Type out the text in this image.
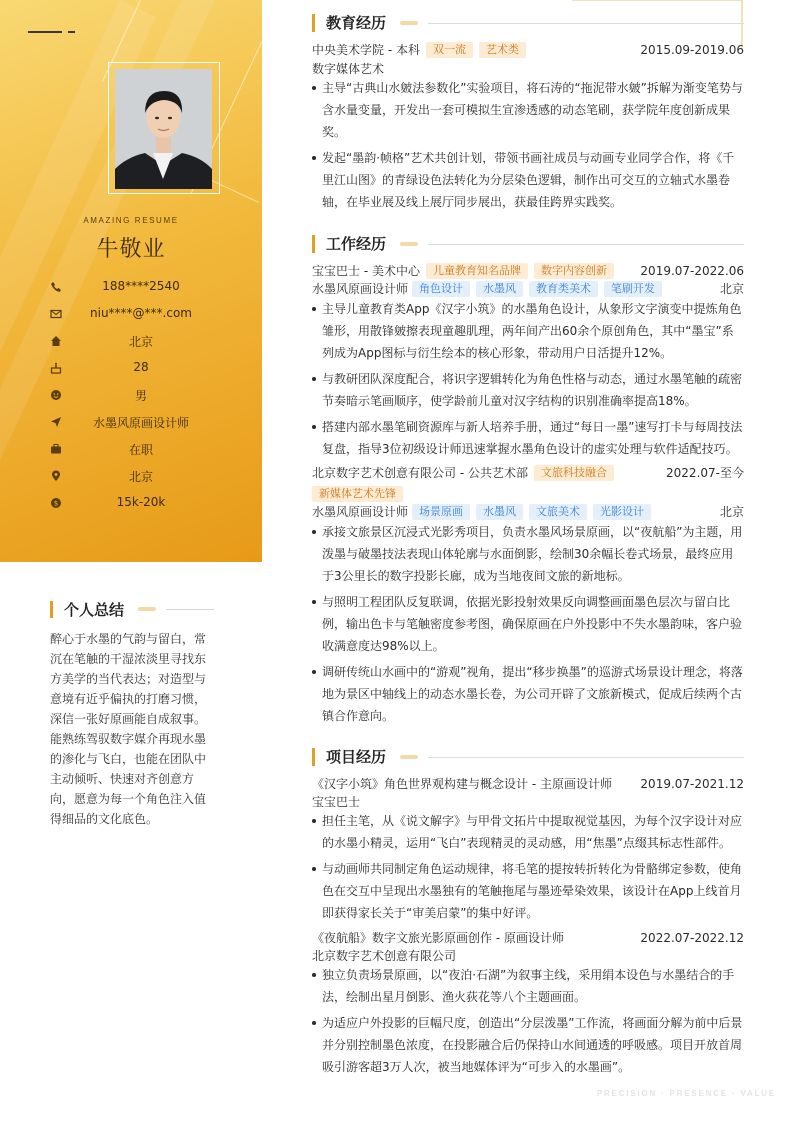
AMAZING RESUME
牛敬业
188****2540
niu****@***.com
北京
28
男
水墨风原画设计师
在职
北京
$	15k-20k
个人总结
醉心于水墨的气韵与留白，常沉在笔触的干湿浓淡里寻找东方美学的当代表达；对造型与意境有近乎偏执的打磨习惯，深信一张好原画能自成叙事。能熟练驾驭数字媒介再现水墨的渗化与飞白，也能在团队中主动倾听、快速对齐创意方向，愿意为每一个角色注入值得细品的文化底色。
教育经历
中央美术学院 - 本科 双一流 艺术类	2015.09-2019.06
数字媒体艺术
主导“古典山水皴法参数化”实验项目，将石涛的“拖泥带水皴”拆解为渐变笔势与含水量变量，开发出一套可模拟生宣渗透感的动态笔刷，获学院年度创新成果奖。
发起“墨韵·帧格”艺术共创计划，带领书画社成员与动画专业同学合作，将《千里江山图》的青绿设色法转化为分层染色逻辑，制作出可交互的立轴式水墨卷轴，在毕业展及线上展厅同步展出，获最佳跨界实践奖。
工作经历
宝宝巴士 - 美术中心 儿童教育知名品牌 数字内容创新	2019.07-2022.06
水墨风原画设计师 角色设计 水墨风 教育类美术 笔刷开发	北京
主导儿童教育类App《汉字小筑》的水墨角色设计，从象形文字演变中提炼角色雏形，用散锋皴擦表现童趣肌理，两年间产出60余个原创角色，其中“墨宝”系列成为App图标与衍生绘本的核心形象，带动用户日活提升12%。
与教研团队深度配合，将识字逻辑转化为角色性格与动态，通过水墨笔触的疏密节奏暗示笔画顺序，使学龄前儿童对汉字结构的识别准确率提高18%。
搭建内部水墨笔刷资源库与新人培养手册，通过“每日一墨”速写打卡与每周技法复盘，指导3位初级设计师迅速掌握水墨角色设计的虚实处理与软件适配技巧。
北京数字艺术创意有限公司 - 公共艺术部 文旅科技融合	2022.07-至今
新媒体艺术先锋
水墨风原画设计师 场景原画 水墨风 文旅美术 光影设计	北京
承接文旅景区沉浸式光影秀项目，负责水墨风场景原画，以“夜航船”为主题，用泼墨与破墨技法表现山体轮廓与水面倒影，绘制30余幅长卷式场景，最终应用于3公里长的数字投影长廊，成为当地夜间文旅的新地标。
与照明工程团队反复联调，依据光影投射效果反向调整画面墨色层次与留白比例，输出色卡与笔触密度参考图，确保原画在户外投影中不失水墨韵味，客户验收满意度达98%以上。
调研传统山水画中的“游观”视角，提出“移步换墨”的巡游式场景设计理念，将落地为景区中轴线上的动态水墨长卷，为公司开辟了文旅新模式，促成后续两个古镇合作意向。
项目经历
《汉字小筑》角色世界观构建与概念设计 - 主原画设计师 2019.07-2021.12
宝宝巴士
担任主笔，从《说文解字》与甲骨文拓片中提取视觉基因，为每个汉字设计对应的水墨小精灵，运用“飞白”表现精灵的灵动感，用“焦墨”点缀其标志性部件。
与动画师共同制定角色运动规律，将毛笔的提按转折转化为骨骼绑定参数，使角色在交互中呈现出水墨独有的笔触拖尾与墨迹晕染效果，该设计在App上线首月即获得家长关于“审美启蒙”的集中好评。
《夜航船》数字文旅光影原画创作 - 原画设计师	2022.07-2022.12
北京数字艺术创意有限公司
独立负责场景原画，以“夜泊·石湖”为叙事主线，采用绢本设色与水墨结合的手法，绘制出星月倒影、渔火荻花等八个主题画面。
为适应户外投影的巨幅尺度，创造出“分层泼墨”工作流，将画面分解为前中后景并分别控制墨色浓度，在投影融合后仍保持山水间通透的呼吸感。项目开放首周吸引游客超3万人次，被当地媒体评为“可步入的水墨画”。
PRECISION · PRESENCE · VALUE
